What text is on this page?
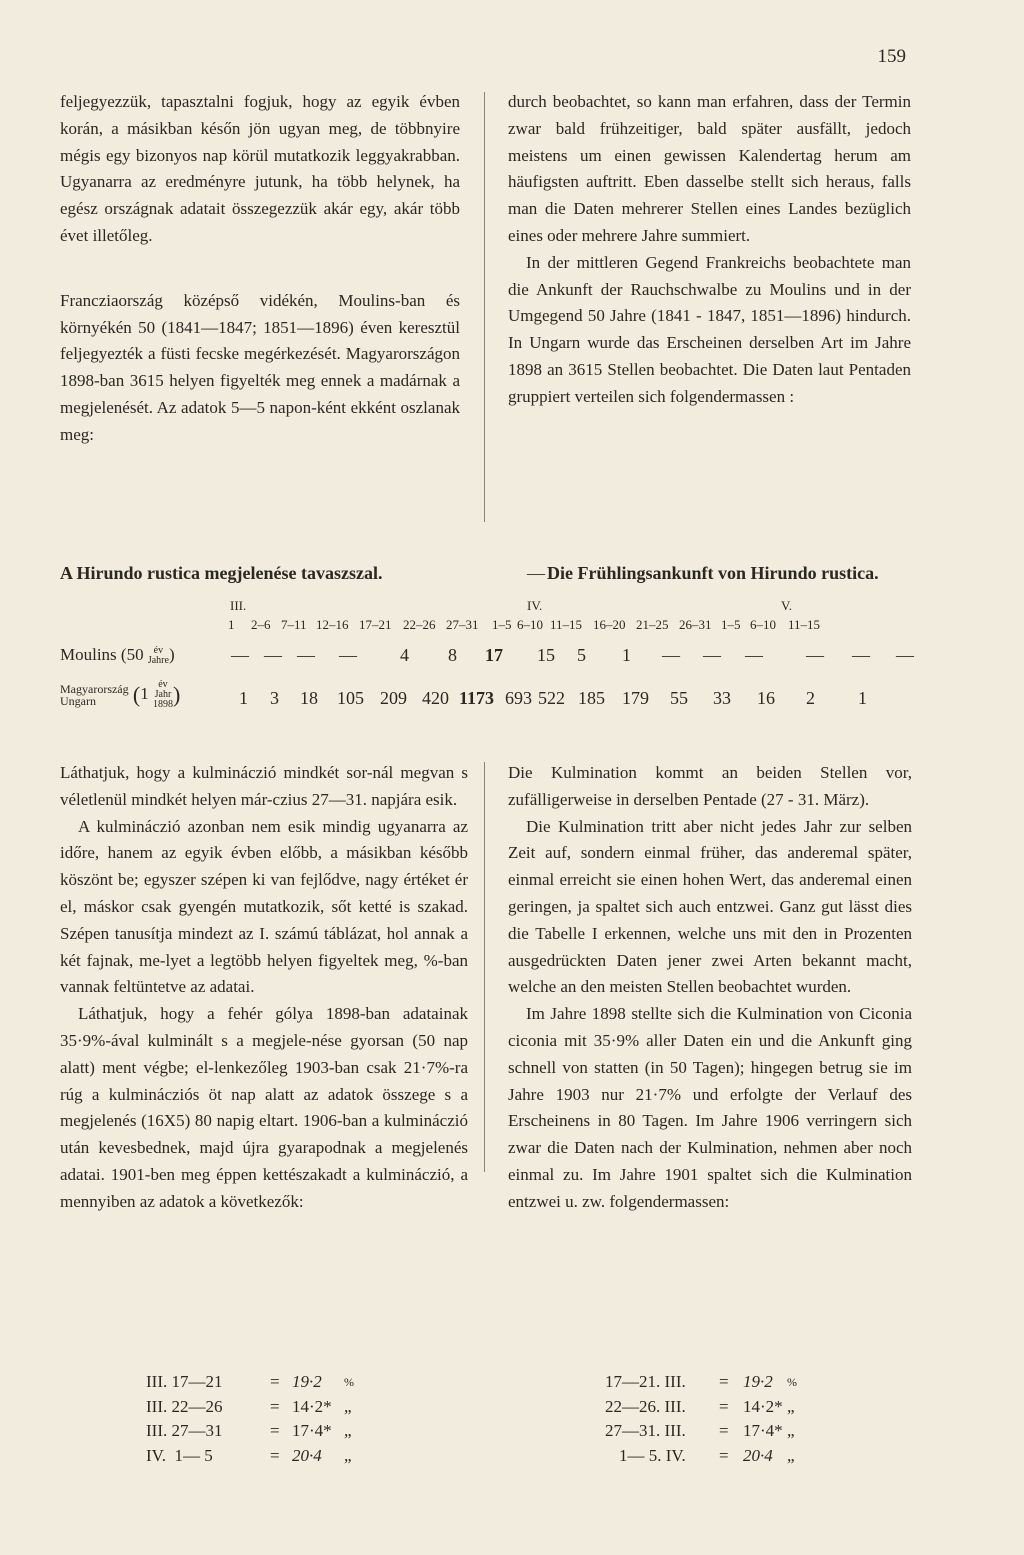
159

feljegyezzük, tapasztalni fogjuk, hogy az egyik évben korán, a másikban későn jön ugyan meg, de többnyire mégis egy bizonyos nap körül mutatkozik leggyakrabban. Ugyanarra az eredményre jutunk, ha több helynek, ha egész országnak adatait összegezzük akár egy, akár több évet illetőleg.

Francziaország középső vidékén, Moulins-ban és környékén 50 (1841—1847; 1851—1896) éven keresztül feljegyezték a füsti fecske megérkezését. Magyarországon 1898-ban 3615 helyen figyelték meg ennek a madárnak a megjelenését. Az adatok 5—5 napon-ként ekként oszlanak meg:

durch beobachtet, so kann man erfahren, dass der Termin zwar bald frühzeitiger, bald später ausfällt, jedoch meistens um einen gewissen Kalendertag herum am häufigsten auftritt. Eben dasselbe stellt sich heraus, falls man die Daten mehrerer Stellen eines Landes bezüglich eines oder mehrere Jahre summiert.

In der mittleren Gegend Frankreichs beobachtete man die Ankunft der Rauchschwalbe zu Moulins und in der Umgegend 50 Jahre (1841 - 1847, 1851—1896) hindurch. In Ungarn wurde das Erscheinen derselben Art im Jahre 1898 an 3615 Stellen beobachtet. Die Daten laut Pentaden gruppiert verteilen sich folgendermassen :

A Hirundo rustica megjelenése tavaszszal.	— Die Frühlingsankunft von Hirundo rustica.
III.	IV.	V.
1 2–6 7–11 12–16 17–21 22–26 27–31 1–5 6–10 11–15 16–20 21–25 26–31 1–5 6–10 11–15
Moulins (50 év
Jahre)	— — — — 4 8 17 15 5 1 — — — — — —
Magyarország
Ungarn (1 év
Jahr
1898)	1 3 18 105 209 420 1173 693 522 185 179 55 33 16 2 1

Láthatjuk, hogy a kulmináczió mindkét sor-nál megvan s véletlenül mindkét helyen már-czius 27—31. napjára esik.

A kulmináczió azonban nem esik mindig ugyanarra az időre, hanem az egyik évben előbb, a másikban később köszönt be; egyszer szépen ki van fejlődve, nagy értéket ér el, máskor csak gyengén mutatkozik, sőt ketté is szakad. Szépen tanusítja mindezt az I. számú táblázat, hol annak a két fajnak, me-lyet a legtöbb helyen figyeltek meg, %-ban vannak feltüntetve az adatai.

Láthatjuk, hogy a fehér gólya 1898-ban adatainak 35·9%-ával kulminált s a megjele-nése gyorsan (50 nap alatt) ment végbe; el-lenkezőleg 1903-ban csak 21·7%-ra rúg a kulminácziós öt nap alatt az adatok összege s a megjelenés (16X5) 80 napig eltart. 1906-ban a kulmináczió után kevesbednek, majd újra gyarapodnak a megjelenés adatai. 1901-ben meg éppen kettészakadt a kulmináczió, a mennyiben az adatok a következők:

Die Kulmination kommt an beiden Stellen vor, zufälligerweise in derselben Pentade (27 - 31. März).

Die Kulmination tritt aber nicht jedes Jahr zur selben Zeit auf, sondern einmal früher, das anderemal später, einmal erreicht sie einen hohen Wert, das anderemal einen geringen, ja spaltet sich auch entzwei. Ganz gut lässt dies die Tabelle I erkennen, welche uns mit den in Prozenten ausgedrückten Daten jener zwei Arten bekannt macht, welche an den meisten Stellen beobachtet wurden.

Im Jahre 1898 stellte sich die Kulmination von Ciconia ciconia mit 35·9% aller Daten ein und die Ankunft ging schnell von statten (in 50 Tagen); hingegen betrug sie im Jahre 1903 nur 21·7% und erfolgte der Verlauf des Erscheinens in 80 Tagen. Im Jahre 1906 verringern sich zwar die Daten nach der Kulmination, nehmen aber noch einmal zu. Im Jahre 1901 spaltet sich die Kulmination entzwei u. zw. folgendermassen:

III. 17—21	= 19·2 %
III. 22—26	= 14·2* „
III. 27—31	= 17·4* „
IV.  1— 5	= 20·4 „
17—21. III. = 19·2 %
22—26. III. = 14·2* „
27—31. III. = 17·4* „
1— 5. IV. = 20·4 „
